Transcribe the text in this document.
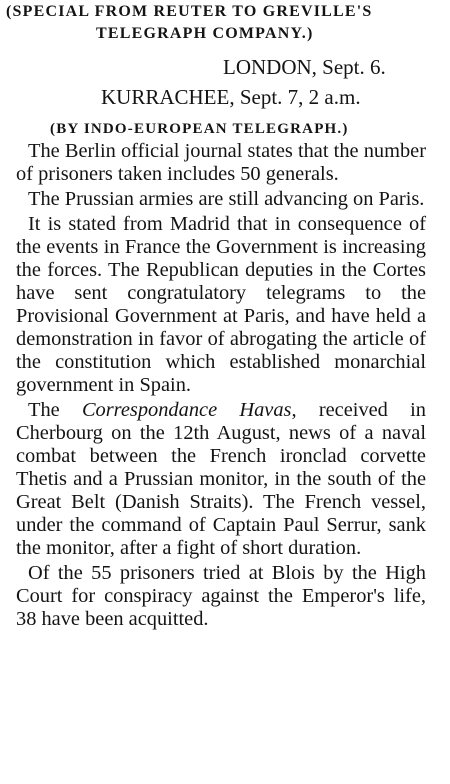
(SPECIAL FROM REUTER TO GREVILLE'S
TELEGRAPH COMPANY.)
LONDON, Sept. 6.
KURRACHEE, Sept. 7, 2 a.m.
(BY INDO-EUROPEAN TELEGRAPH.)

The Berlin official journal states that the number of prisoners taken includes 50 generals.

The Prussian armies are still advancing on Paris.

It is stated from Madrid that in consequence of the events in France the Government is increasing the forces. The Republican deputies in the Cortes have sent congratulatory telegrams to the Provisional Government at Paris, and have held a demonstration in favor of abrogating the article of the constitution which established monarchial government in Spain.

The Correspondance Havas, received in Cherbourg on the 12th August, news of a naval combat between the French ironclad corvette Thetis and a Prussian monitor, in the south of the Great Belt (Danish Straits). The French vessel, under the command of Captain Paul Serrur, sank the monitor, after a fight of short duration.

Of the 55 prisoners tried at Blois by the High Court for conspiracy against the Emperor's life, 38 have been acquitted.
